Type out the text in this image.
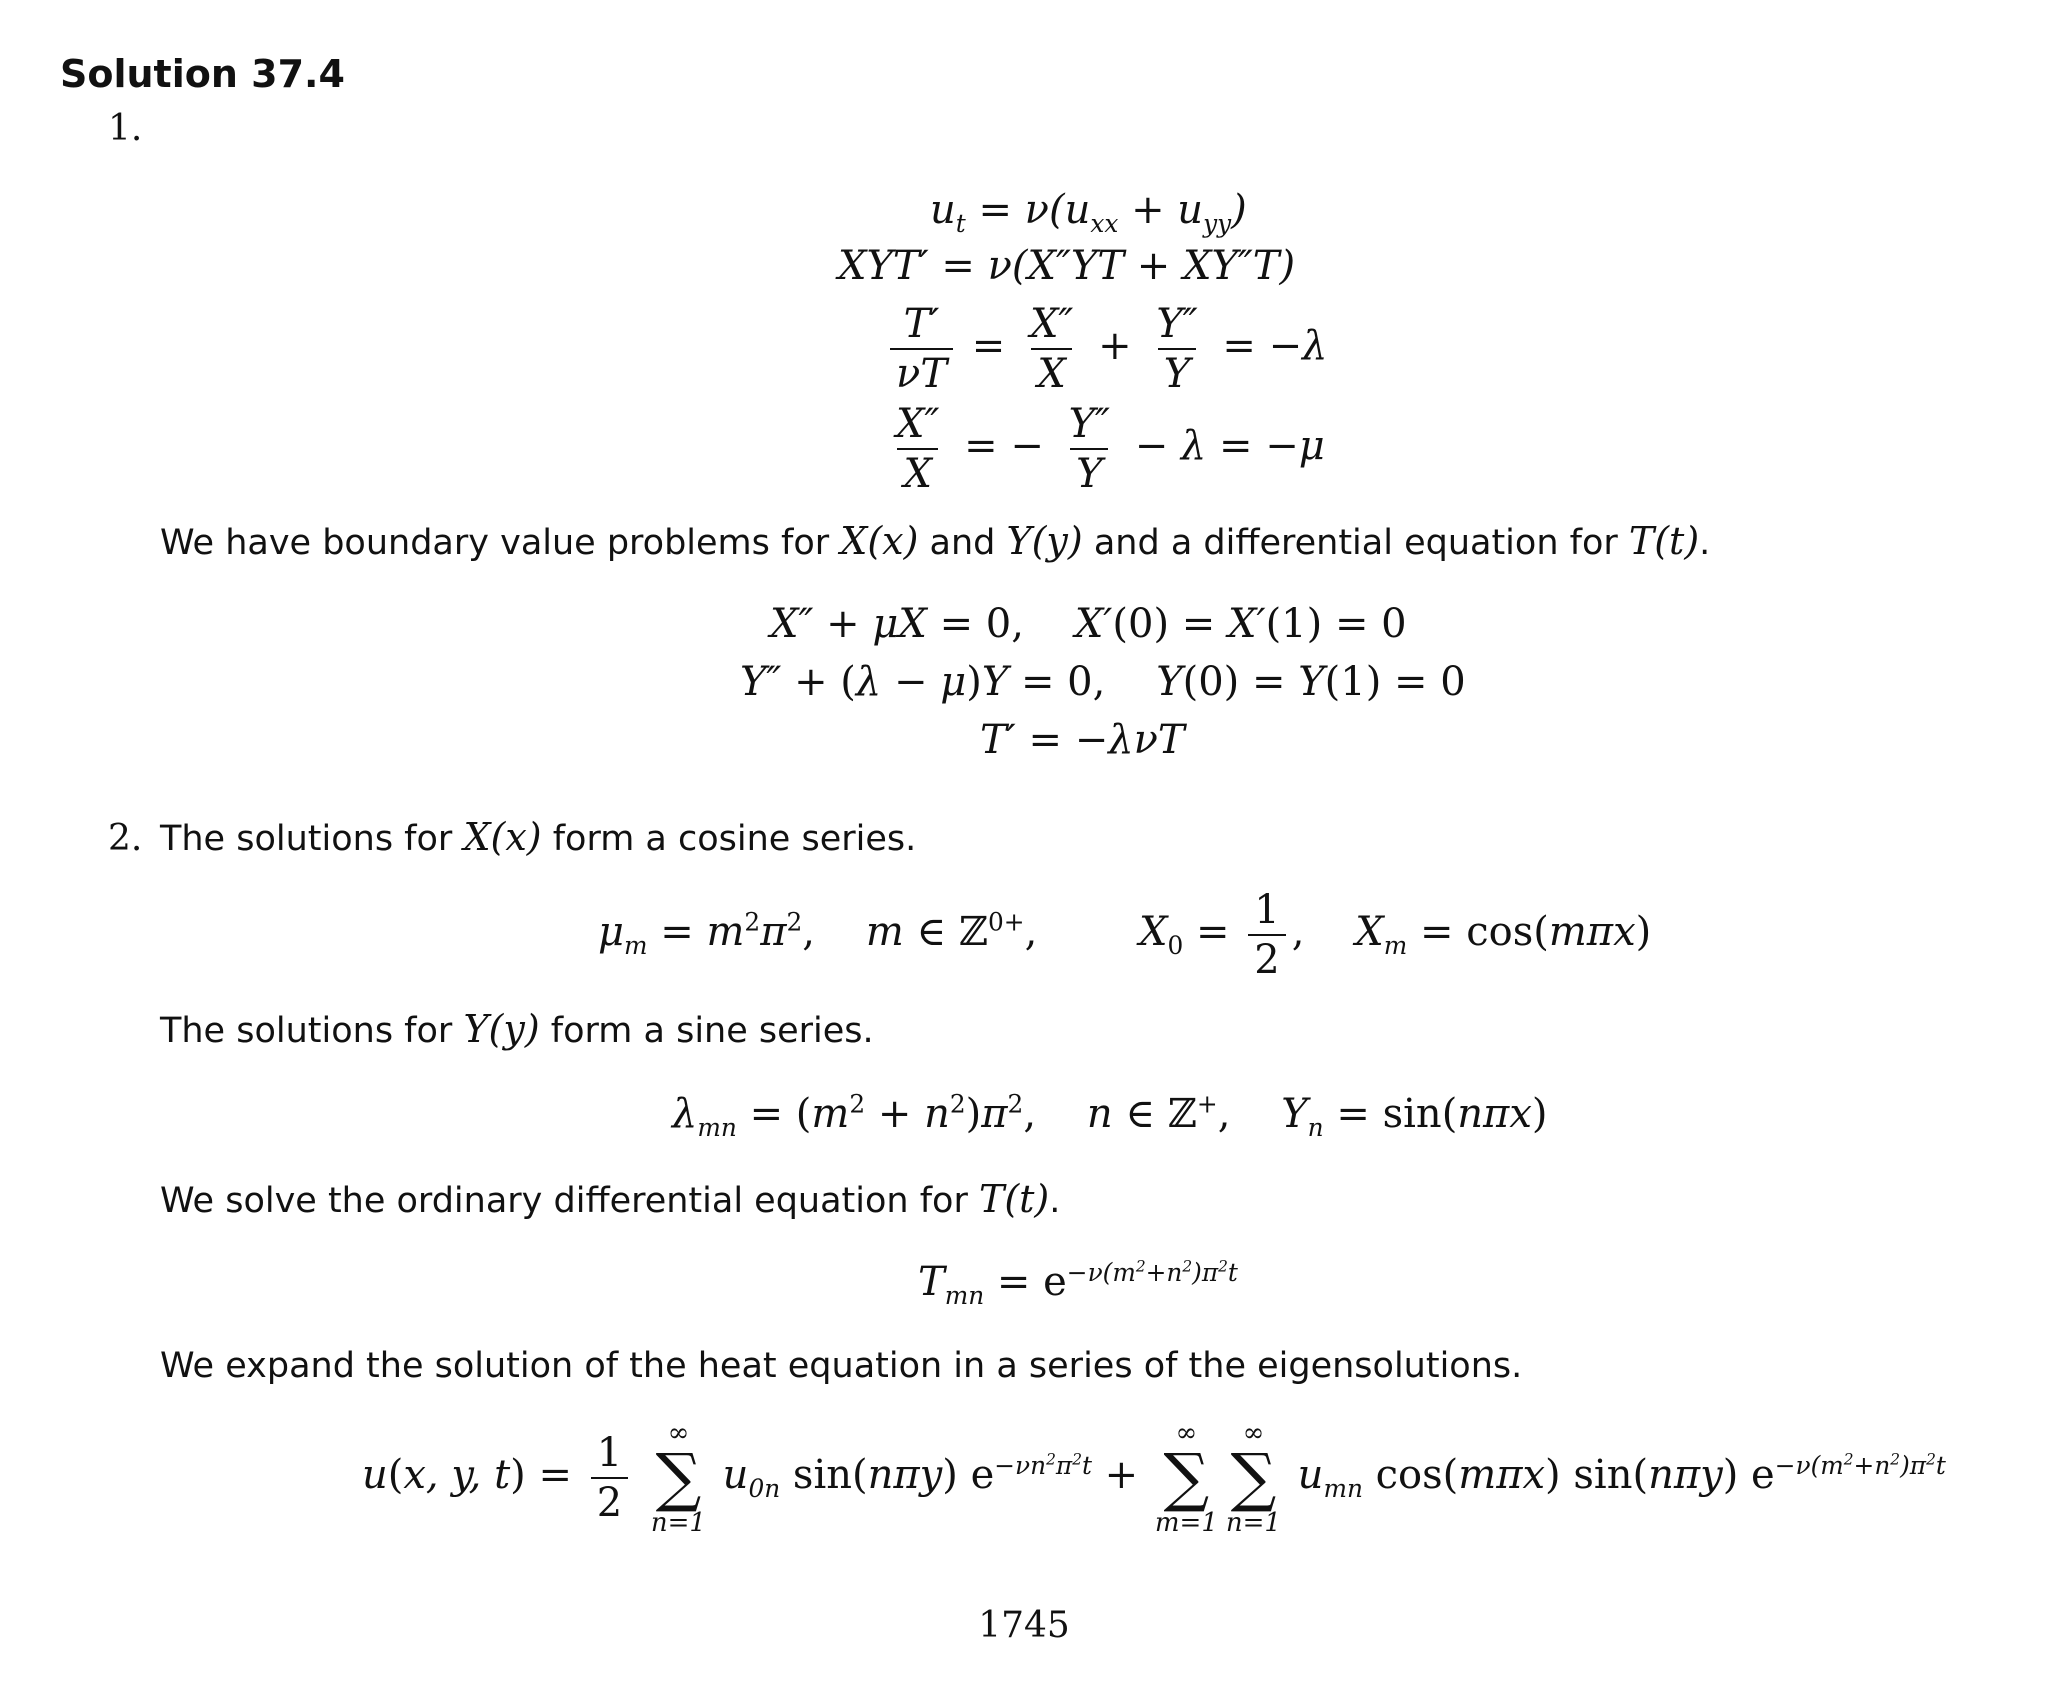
Solution 37.4
1.
$u_t = \nu(u_{xx} + u_{yy})$
XYT′ = ν(X″YT + XY″T)
$\frac{T'}{\nu T} = \frac{X''}{X} + \frac{Y''}{Y} = -\lambda$
$\frac{X''}{X}$ = − $\frac{Y''}{Y} - \lambda = -\mu$
We have boundary value problems for X(x) and Y(y) and a differential equation for T(t).
X″ + μX = 0,    X′(0) = X′(1) = 0
Y″ + (λ − μ)Y = 0,    Y(0) = Y(1) = 0
T′ = −λνT
2. The solutions for X(x) form a cosine series.
$\mu_m = m^2\pi^2$,    m ∈ ℤ$^{0+}$,        $X_0 = \frac{1}{2}$ ,    $X_m = \cos(m\pi x)$
The solutions for Y(y) form a sine series.
$\lambda_{mn} = (m^2 + n^2)\pi^2$,    n ∈ ℤ+,    $Y_n = \sin(n\pi x)$
We solve the ordinary differential equation for T(t).
$T_{mn} = e^{-\nu(m^2+n^2)\pi^2t}$
We expand the solution of the heat equation in a series of the eigensolutions.
u(x, y, $t) = \frac{1}{2}$
∞
∑
n=1
$u_{0n}$ sin(nπy) $e^{-\nu n^2\pi^2t}$ +
∞
∑
m=1
∞
∑
n=1
$u_{mn}$ cos(mπx) sin(nπy) $e^{-\nu(m^2+n^2)\pi^2t}$
1745
